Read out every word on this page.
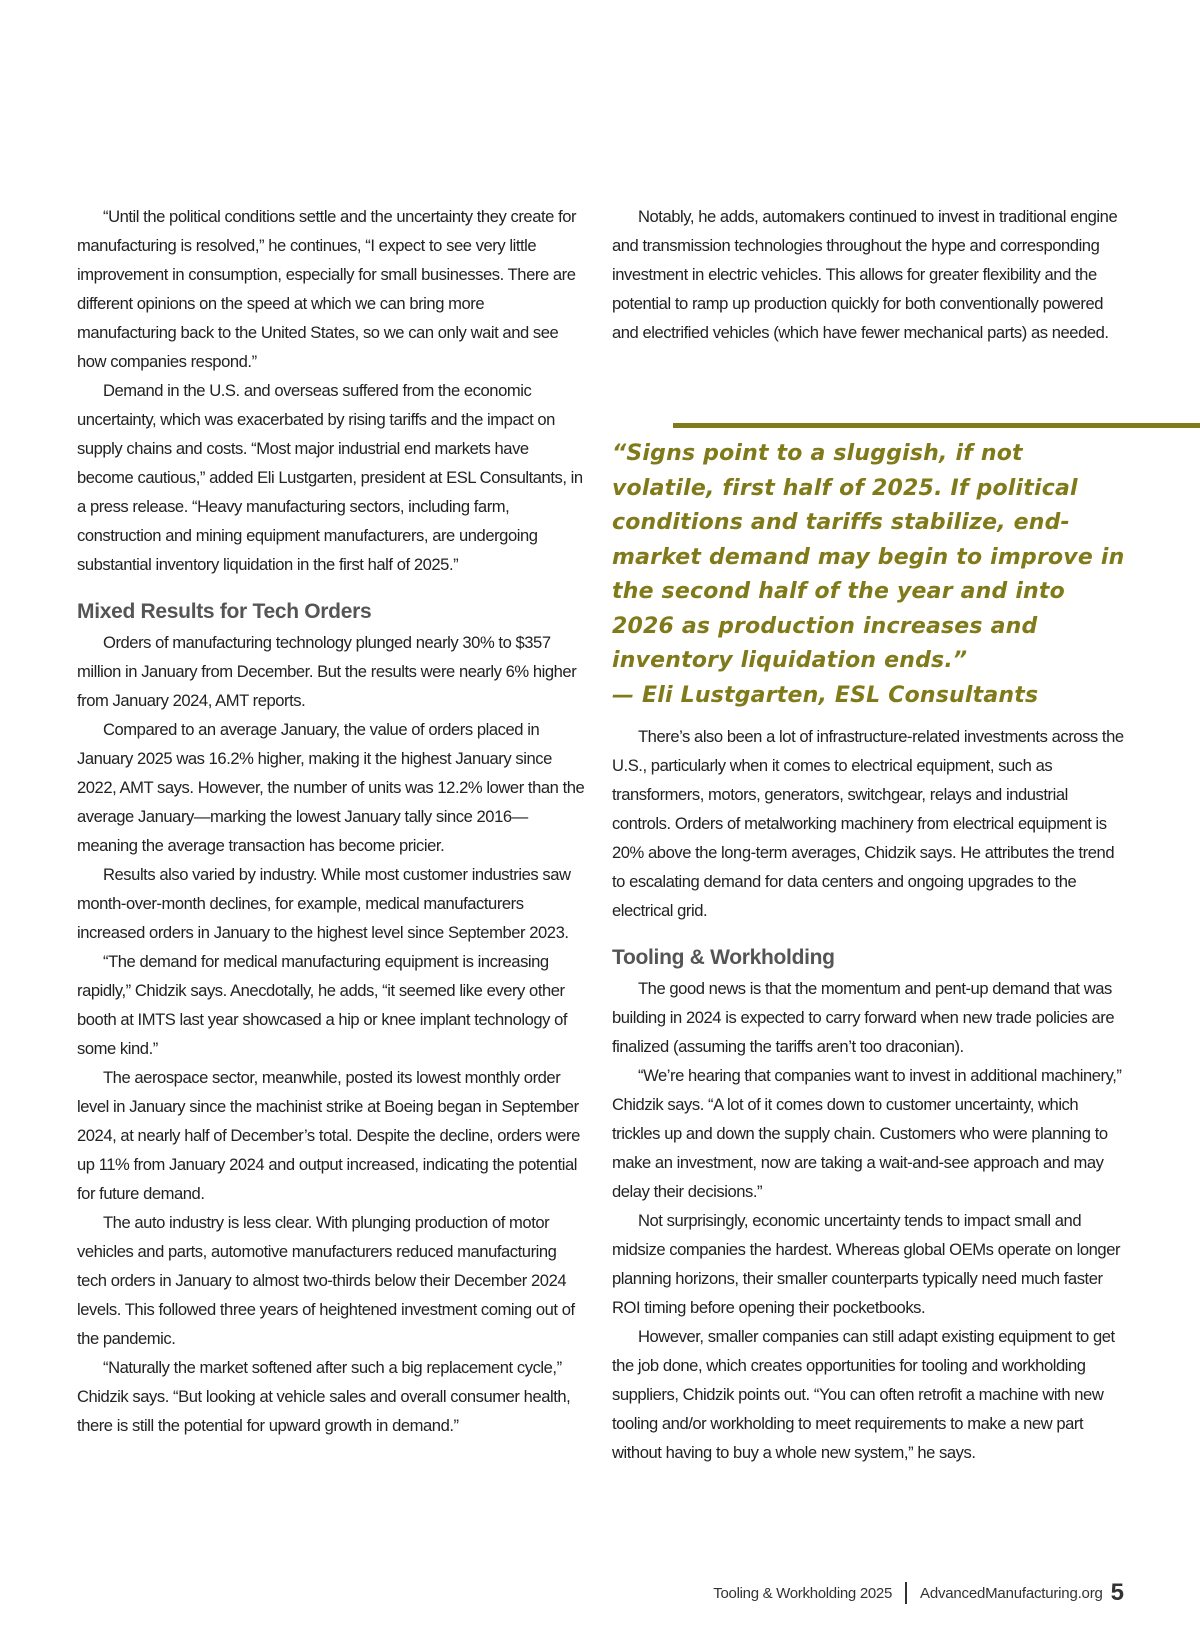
“Until the political conditions settle and the uncertainty they create for manufacturing is resolved,” he continues, “I expect to see very little improvement in consumption, especially for small businesses. There are different opinions on the speed at which we can bring more manufacturing back to the United States, so we can only wait and see how companies respond.”

Demand in the U.S. and overseas suffered from the economic uncertainty, which was exacerbated by rising tariffs and the impact on supply chains and costs. “Most major industrial end markets have become cautious,” added Eli Lustgarten, president at ESL Consultants, in a press release. “Heavy manufacturing sectors, including farm, construction and mining equipment manufacturers, are undergoing substantial inventory liquidation in the first half of 2025.”

Mixed Results for Tech Orders

Orders of manufacturing technology plunged nearly 30% to $357 million in January from December. But the results were nearly 6% higher from January 2024, AMT reports.

Compared to an average January, the value of orders placed in January 2025 was 16.2% higher, making it the highest January since 2022, AMT says. However, the number of units was 12.2% lower than the average January—marking the lowest January tally since 2016—meaning the average transaction has become pricier.

Results also varied by industry. While most customer industries saw month-over-month declines, for example, medical manufacturers increased orders in January to the highest level since September 2023.

“The demand for medical manufacturing equipment is increasing rapidly,” Chidzik says. Anecdotally, he adds, “it seemed like every other booth at IMTS last year showcased a hip or knee implant technology of some kind.”

The aerospace sector, meanwhile, posted its lowest monthly order level in January since the machinist strike at Boeing began in September 2024, at nearly half of December’s total. Despite the decline, orders were up 11% from January 2024 and output increased, indicating the potential for future demand.

The auto industry is less clear. With plunging production of motor vehicles and parts, automotive manufacturers reduced manufacturing tech orders in January to almost two-thirds below their December 2024 levels. This followed three years of heightened investment coming out of the pandemic.

“Naturally the market softened after such a big replacement cycle,” Chidzik says. “But looking at vehicle sales and overall consumer health, there is still the potential for upward growth in demand.”

Notably, he adds, automakers continued to invest in traditional engine and transmission technologies throughout the hype and corresponding investment in electric vehicles. This allows for greater flexibility and the potential to ramp up production quickly for both conventionally powered and electrified vehicles (which have fewer mechanical parts) as needed.

“Signs point to a sluggish, if not volatile, first half of 2025. If political conditions and tariffs stabilize, end-market demand may begin to improve in the second half of the year and into 2026 as production increases and inventory liquidation ends.”
— Eli Lustgarten, ESL Consultants

There’s also been a lot of infrastructure-related investments across the U.S., particularly when it comes to electrical equipment, such as transformers, motors, generators, switchgear, relays and industrial controls. Orders of metalworking machinery from electrical equipment is 20% above the long-term averages, Chidzik says. He attributes the trend to escalating demand for data centers and ongoing upgrades to the electrical grid.

Tooling & Workholding

The good news is that the momentum and pent-up demand that was building in 2024 is expected to carry forward when new trade policies are finalized (assuming the tariffs aren’t too draconian).

“We’re hearing that companies want to invest in additional machinery,” Chidzik says. “A lot of it comes down to customer uncertainty, which trickles up and down the supply chain. Customers who were planning to make an investment, now are taking a wait-and-see approach and may delay their decisions.”

Not surprisingly, economic uncertainty tends to impact small and midsize companies the hardest. Whereas global OEMs operate on longer planning horizons, their smaller counterparts typically need much faster ROI timing before opening their pocketbooks.

However, smaller companies can still adapt existing equipment to get the job done, which creates opportunities for tooling and workholding suppliers, Chidzik points out. “You can often retrofit a machine with new tooling and/or workholding to meet requirements to make a new part without having to buy a whole new system,” he says.

Tooling & Workholding 2025 AdvancedManufacturing.org 5
